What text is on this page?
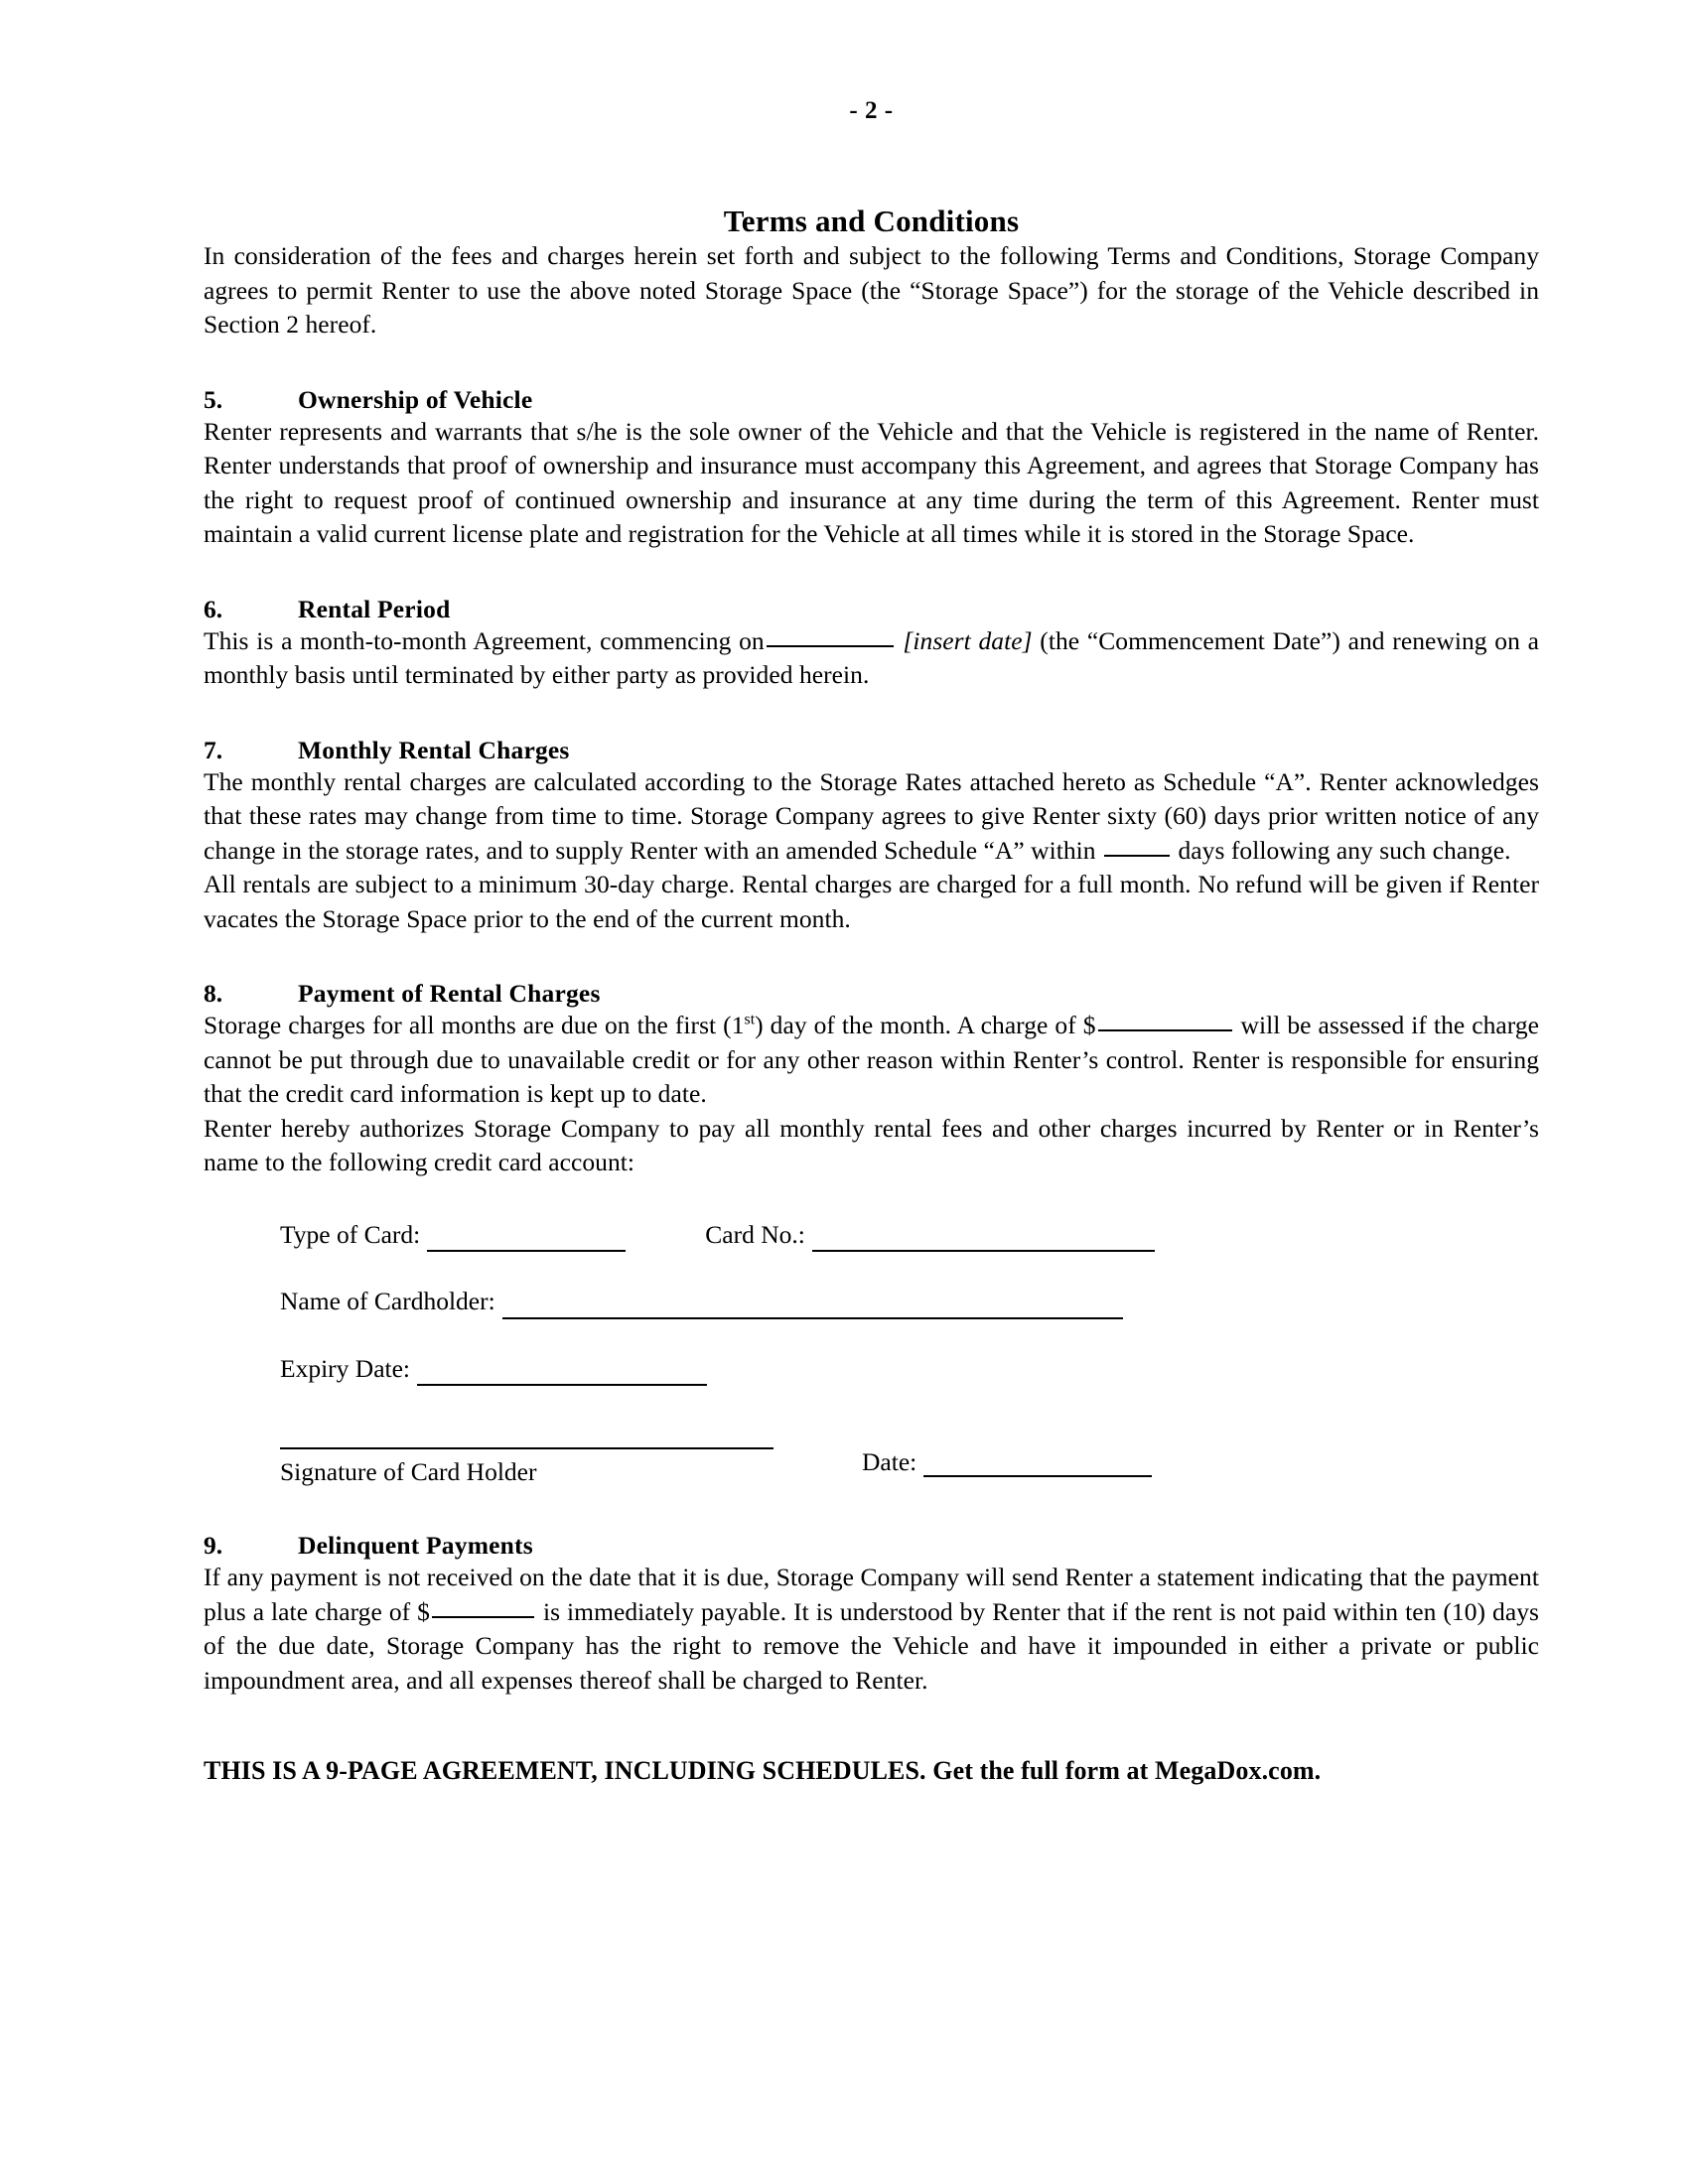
- 2 -
Terms and Conditions

In consideration of the fees and charges herein set forth and subject to the following Terms and Conditions, Storage Company agrees to permit Renter to use the above noted Storage Space (the “Storage Space”) for the storage of the Vehicle described in Section 2 hereof.

5.	Ownership of Vehicle

Renter represents and warrants that s/he is the sole owner of the Vehicle and that the Vehicle is registered in the name of Renter. Renter understands that proof of ownership and insurance must accompany this Agreement, and agrees that Storage Company has the right to request proof of continued ownership and insurance at any time during the term of this Agreement. Renter must maintain a valid current license plate and registration for the Vehicle at all times while it is stored in the Storage Space.

6.	Rental Period

This is a month-to-month Agreement, commencing on	[insert date] (the “Commencement Date”) and renewing on a monthly basis until terminated by either party as provided herein.

7.	Monthly Rental Charges

The monthly rental charges are calculated according to the Storage Rates attached hereto as Schedule “A”. Renter acknowledges that these rates may change from time to time. Storage Company agrees to give Renter sixty (60) days prior written notice of any change in the storage rates, and to supply Renter with an amended Schedule “A” within	days following any such change.

All rentals are subject to a minimum 30-day charge. Rental charges are charged for a full month. No refund will be given if Renter vacates the Storage Space prior to the end of the current month.

8.	Payment of Rental Charges

Storage charges for all months are due on the first (1st) day of the month. A charge of $	will be assessed if the charge cannot be put through due to unavailable credit or for any other reason within Renter’s control. Renter is responsible for ensuring that the credit card information is kept up to date.

Renter hereby authorizes Storage Company to pay all monthly rental fees and other charges incurred by Renter or in Renter’s name to the following credit card account:

Type of Card:	Card No.:
Name of Cardholder:
Expiry Date:
Signature of Card Holder	Date:
9.	Delinquent Payments

If any payment is not received on the date that it is due, Storage Company will send Renter a statement indicating that the payment plus a late charge of $	is immediately payable. It is understood by Renter that if the rent is not paid within ten (10) days of the due date, Storage Company has the right to remove the Vehicle and have it impounded in either a private or public impoundment area, and all expenses thereof shall be charged to Renter.

THIS IS A 9-PAGE AGREEMENT, INCLUDING SCHEDULES. Get the full form at MegaDox.com.
